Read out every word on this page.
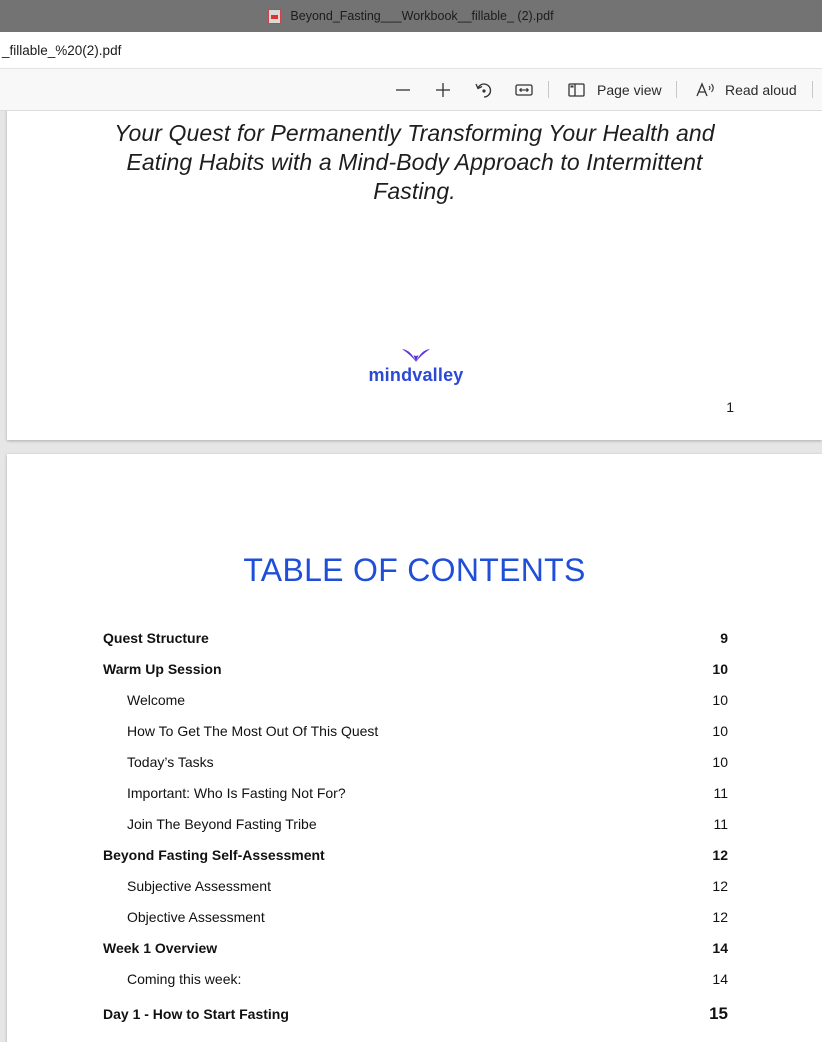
Beyond_Fasting___Workbook__fillable_ (2).pdf
_fillable_%20(2).pdf
Page view	Read aloud
Your Quest for Permanently Transforming Your Health and
Eating Habits with a Mind-Body Approach to Intermittent
Fasting.
mindvalley
1
TABLE OF CONTENTS
Quest Structure	9
Warm Up Session	10
Welcome	10
How To Get The Most Out Of This Quest	10
Today’s Tasks	10
Important: Who Is Fasting Not For?	11
Join The Beyond Fasting Tribe	11
Beyond Fasting Self-Assessment	12
Subjective Assessment	12
Objective Assessment	12
Week 1 Overview	14
Coming this week:	14
Day 1 - How to Start Fasting	15
